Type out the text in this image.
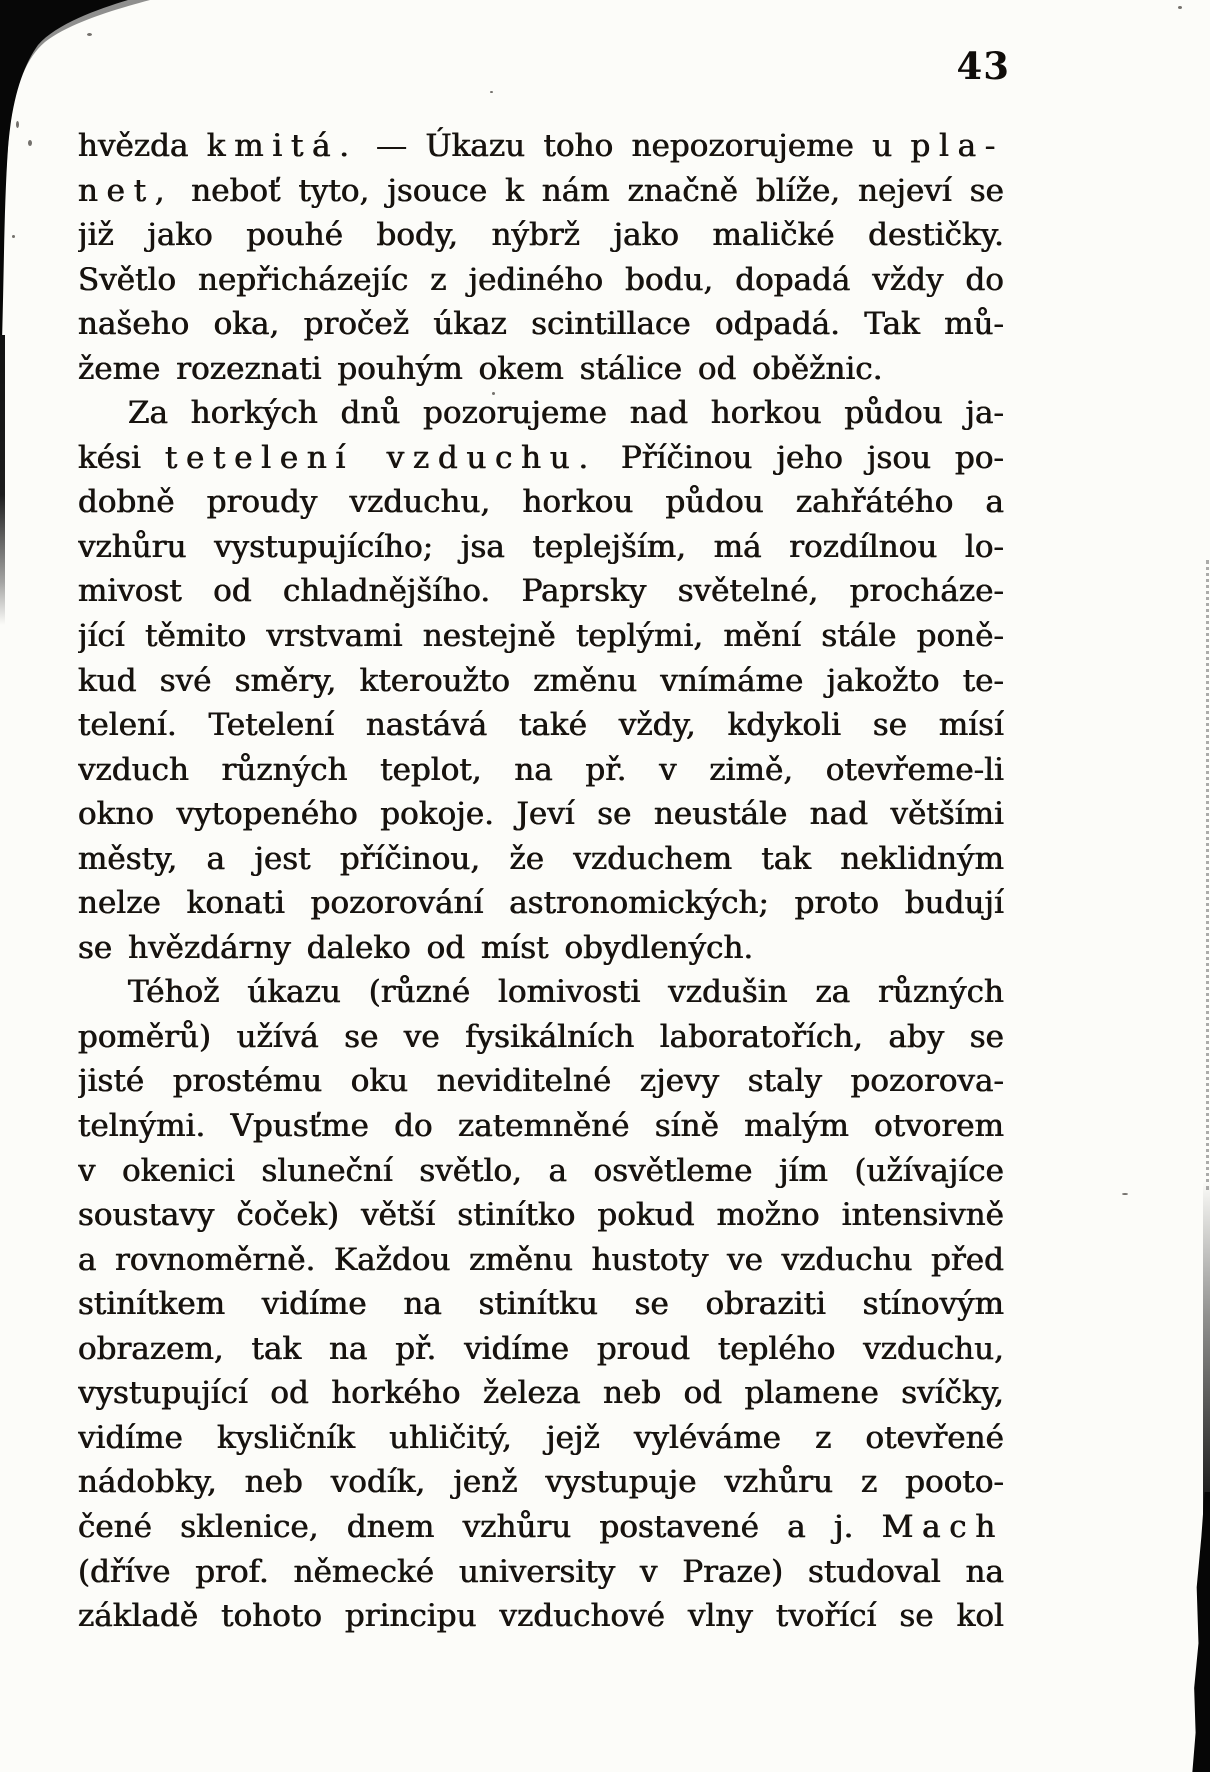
43
hvězda kmitá. — Úkazu toho nepozorujeme u pla-
net, neboť tyto, jsouce k nám značně blíže, nejeví se
již jako pouhé body, nýbrž jako maličké destičky.
Světlo nepřicházejíc z jediného bodu, dopadá vždy do
našeho oka, pročež úkaz scintillace odpadá. Tak mů-
žeme rozeznati pouhým okem stálice od oběžnic.
Za horkých dnů pozorujeme nad horkou půdou ja-
kési tetelení vzduchu. Příčinou jeho jsou po-
dobně proudy vzduchu, horkou půdou zahřátého a
vzhůru vystupujícího; jsa teplejším, má rozdílnou lo-
mivost od chladnějšího. Paprsky světelné, procháze-
jící těmito vrstvami nestejně teplými, mění stále poně-
kud své směry, kteroužto změnu vnímáme jakožto te-
telení. Tetelení nastává také vždy, kdykoli se mísí
vzduch různých teplot, na př. v zimě, otevřeme-li
okno vytopeného pokoje. Jeví se neustále nad většími
městy, a jest příčinou, že vzduchem tak neklidným
nelze konati pozorování astronomických; proto budují
se hvězdárny daleko od míst obydlených.
Téhož úkazu (různé lomivosti vzdušin za různých
poměrů) užívá se ve fysikálních laboratořích, aby se
jisté prostému oku neviditelné zjevy staly pozorova-
telnými. Vpusťme do zatemněné síně malým otvorem
v okenici sluneční světlo, a osvětleme jím (užívajíce
soustavy čoček) větší stinítko pokud možno intensivně
a rovnoměrně. Každou změnu hustoty ve vzduchu před
stinítkem vidíme na stinítku se obraziti stínovým
obrazem, tak na př. vidíme proud teplého vzduchu,
vystupující od horkého železa neb od plamene svíčky,
vidíme kysličník uhličitý, jejž vyléváme z otevřené
nádobky, neb vodík, jenž vystupuje vzhůru z pooto-
čené sklenice, dnem vzhůru postavené a j. Mach
(dříve prof. německé university v Praze) studoval na
základě tohoto principu vzduchové vlny tvořící se kol
